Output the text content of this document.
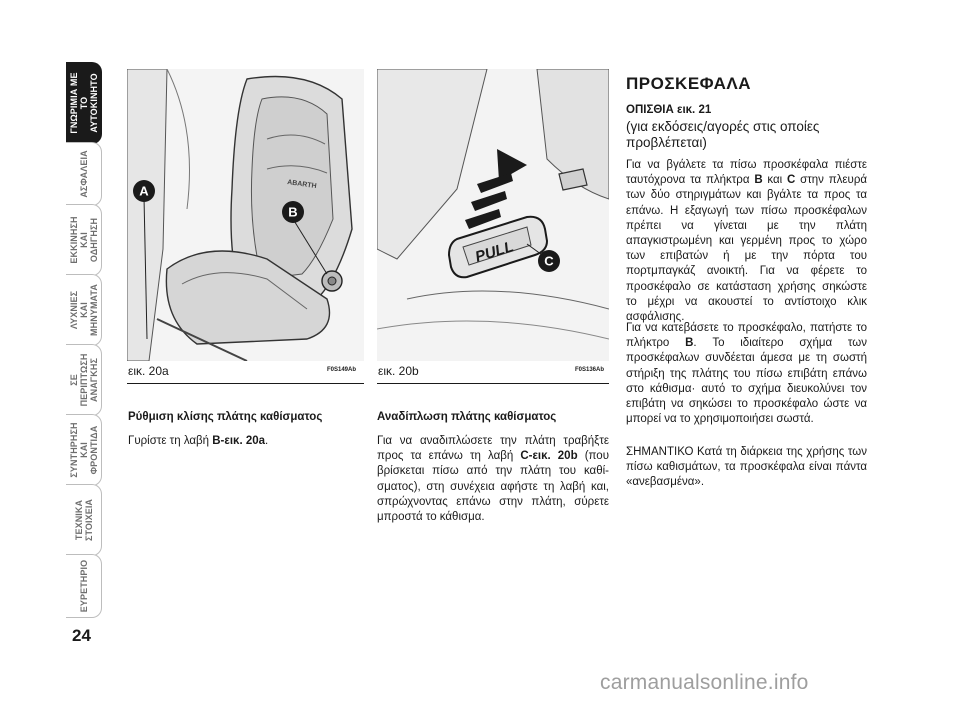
ΓΝΩΡΙΜΙΑ ΜΕ ΤΟ ΑΥΤΟΚΙΝΗΤΟ
ΑΣΦΑΛΕΙΑ
ΕΚΚΙΝΗΣΗ ΚΑΙ ΟΔΗΓΗΣΗ
ΛΥΧΝΙΕΣ ΚΑΙ ΜΗΝΥΜΑΤΑ
ΣΕ ΠΕΡΙΠΤΩΣΗ ΑΝΑΓΚΗΣ
ΣΥΝΤΗΡΗΣΗ ΚΑΙ ΦΡΟΝΤΙΔΑ
ΤΕΧΝΙΚΑ ΣΤΟΙΧΕΙΑ
ΕΥΡΕΤΗΡΙΟ
24
ABARTH
A
B
εικ. 20a	F0S149Ab
PULL C
εικ. 20b	F0S136Ab
Ρύθμιση κλίσης πλάτης καθίσματος
Γυρίστε τη λαβή B-εικ. 20a.
Αναδίπλωση πλάτης καθίσματος
Για να αναδιπλώσετε την πλάτη τραβήξτε προς τα επάνω τη λαβή C-εικ. 20b (που βρίσκεται πίσω από την πλάτη του καθίσματος), στη συνέχεια αφήστε τη λαβή και, σπρώχνοντας επάνω στην πλάτη, σύρετε μπροστά το κάθισμα.
ΠΡΟΣΚΕΦΑΛΑ
ΟΠΙΣΘΙΑ εικ. 21
(για εκδόσεις/αγορές στις οποίες προβλέπεται)
Για να βγάλετε τα πίσω προσκέφαλα πιέστε ταυτόχρονα τα πλήκτρα B και C στην πλευρά των δύο στηριγμάτων και βγάλτε τα προς τα επάνω. Η εξαγωγή των πίσω προσκέφαλων πρέπει να γίνεται με την πλάτη απαγκιστρωμένη και γερμένη προς το χώρο των επιβατών ή με την πόρτα του πορτμπαγκάζ ανοικτή. Για να φέρετε το προσκέφαλο σε κατάσταση χρήσης σηκώστε το μέχρι να ακουστεί το αντίστοιχο κλικ ασφάλισης.
Για να κατεβάσετε το προσκέφαλο, πατήστε το πλήκτρο B. Το ιδιαίτερο σχήμα των προσκέφαλων συνδέεται άμεσα με τη σωστή στήριξη της πλάτης του πίσω επιβάτη επάνω στο κάθισμα· αυτό το σχήμα διευκολύνει τον επιβάτη να σηκώσει το προσκέφαλο ώστε να μπορεί να το χρησιμοποιήσει σωστά.
ΣΗΜΑΝΤΙΚΟ Κατά τη διάρκεια της χρήσης των πίσω καθισμάτων, τα προσκέφαλα είναι πάντα «ανεβασμένα».
carmanualsonline.info
